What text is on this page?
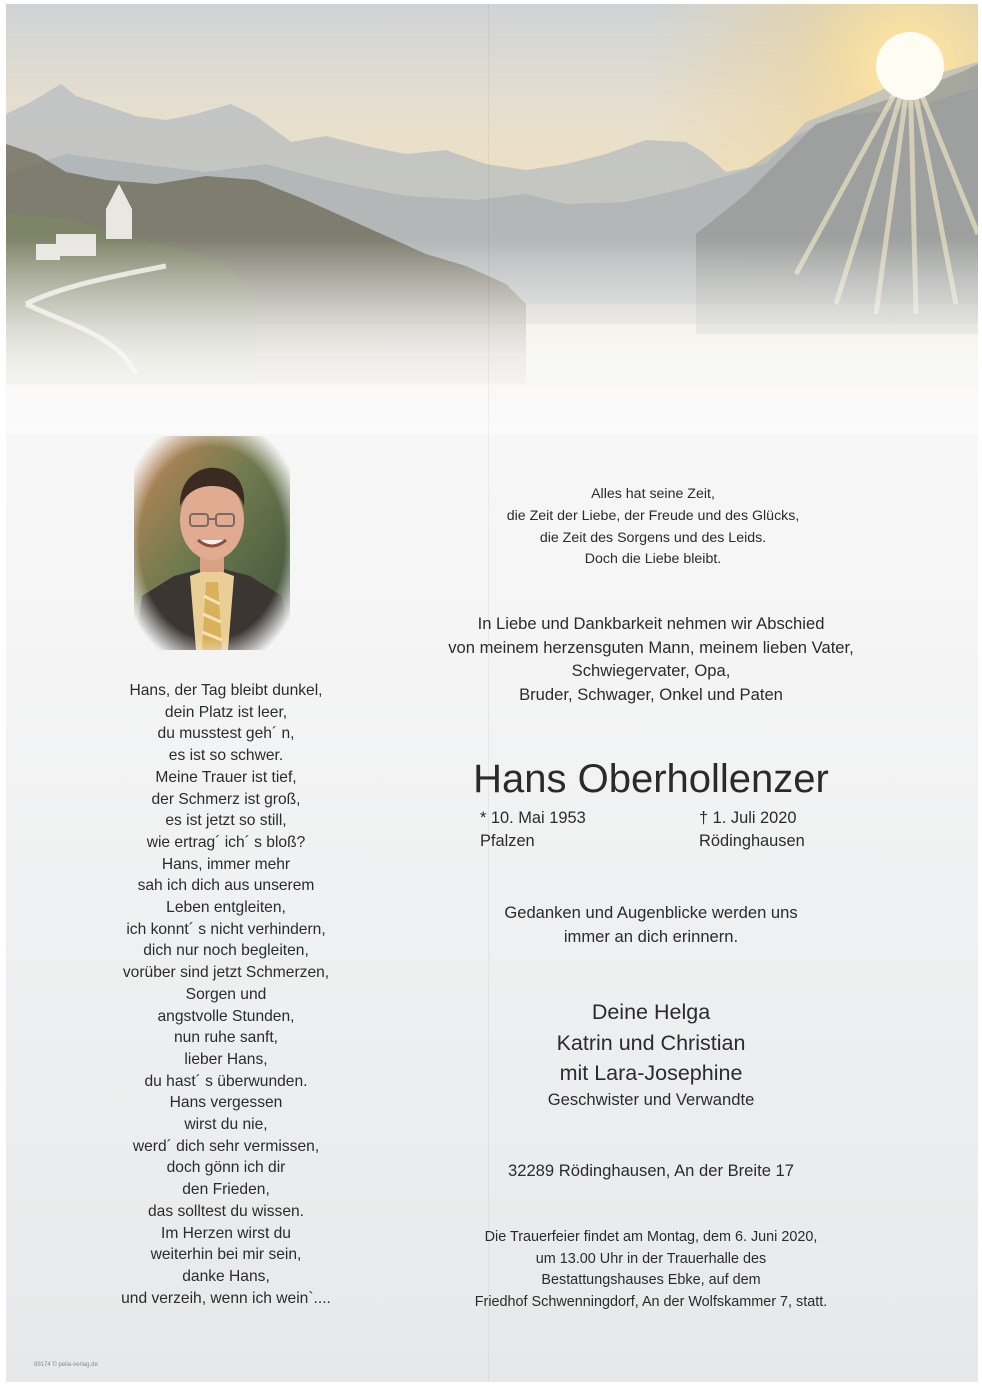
Hans, der Tag bleibt dunkel,
dein Platz ist leer,
du musstest geh´ n,
es ist so schwer.
Meine Trauer ist tief,
der Schmerz ist groß,
es ist jetzt so still,
wie ertrag´ ich´ s bloß?
Hans, immer mehr
sah ich dich aus unserem
Leben entgleiten,
ich konnt´ s nicht verhindern,
dich nur noch begleiten,
vorüber sind jetzt Schmerzen,
Sorgen und
angstvolle Stunden,
nun ruhe sanft,
lieber Hans,
du hast´ s überwunden.
Hans vergessen
wirst du nie,
werd´ dich sehr vermissen,
doch gönn ich dir
den Frieden,
das solltest du wissen.
Im Herzen wirst du
weiterhin bei mir sein,
danke Hans,
und verzeih, wenn ich wein`....
Alles hat seine Zeit,
die Zeit der Liebe, der Freude und des Glücks,
die Zeit des Sorgens und des Leids.
Doch die Liebe bleibt.
In Liebe und Dankbarkeit nehmen wir Abschied
von meinem herzensguten Mann, meinem lieben Vater,
Schwiegervater, Opa,
Bruder, Schwager, Onkel und Paten
Hans Oberhollenzer
* 10. Mai 1953
Pfalzen
† 1. Juli 2020
Rödinghausen
Gedanken und Augenblicke werden uns
immer an dich erinnern.
Deine Helga
Katrin und Christian
mit Lara-Josephine
Geschwister und Verwandte
32289 Rödinghausen, An der Breite 17
Die Trauerfeier findet am Montag, dem 6. Juni 2020,
um 13.00 Uhr in der Trauerhalle des
Bestattungshauses Ebke, auf dem
Friedhof Schwenningdorf, An der Wolfskammer 7, statt.
89174 © pelia-verlag.de
